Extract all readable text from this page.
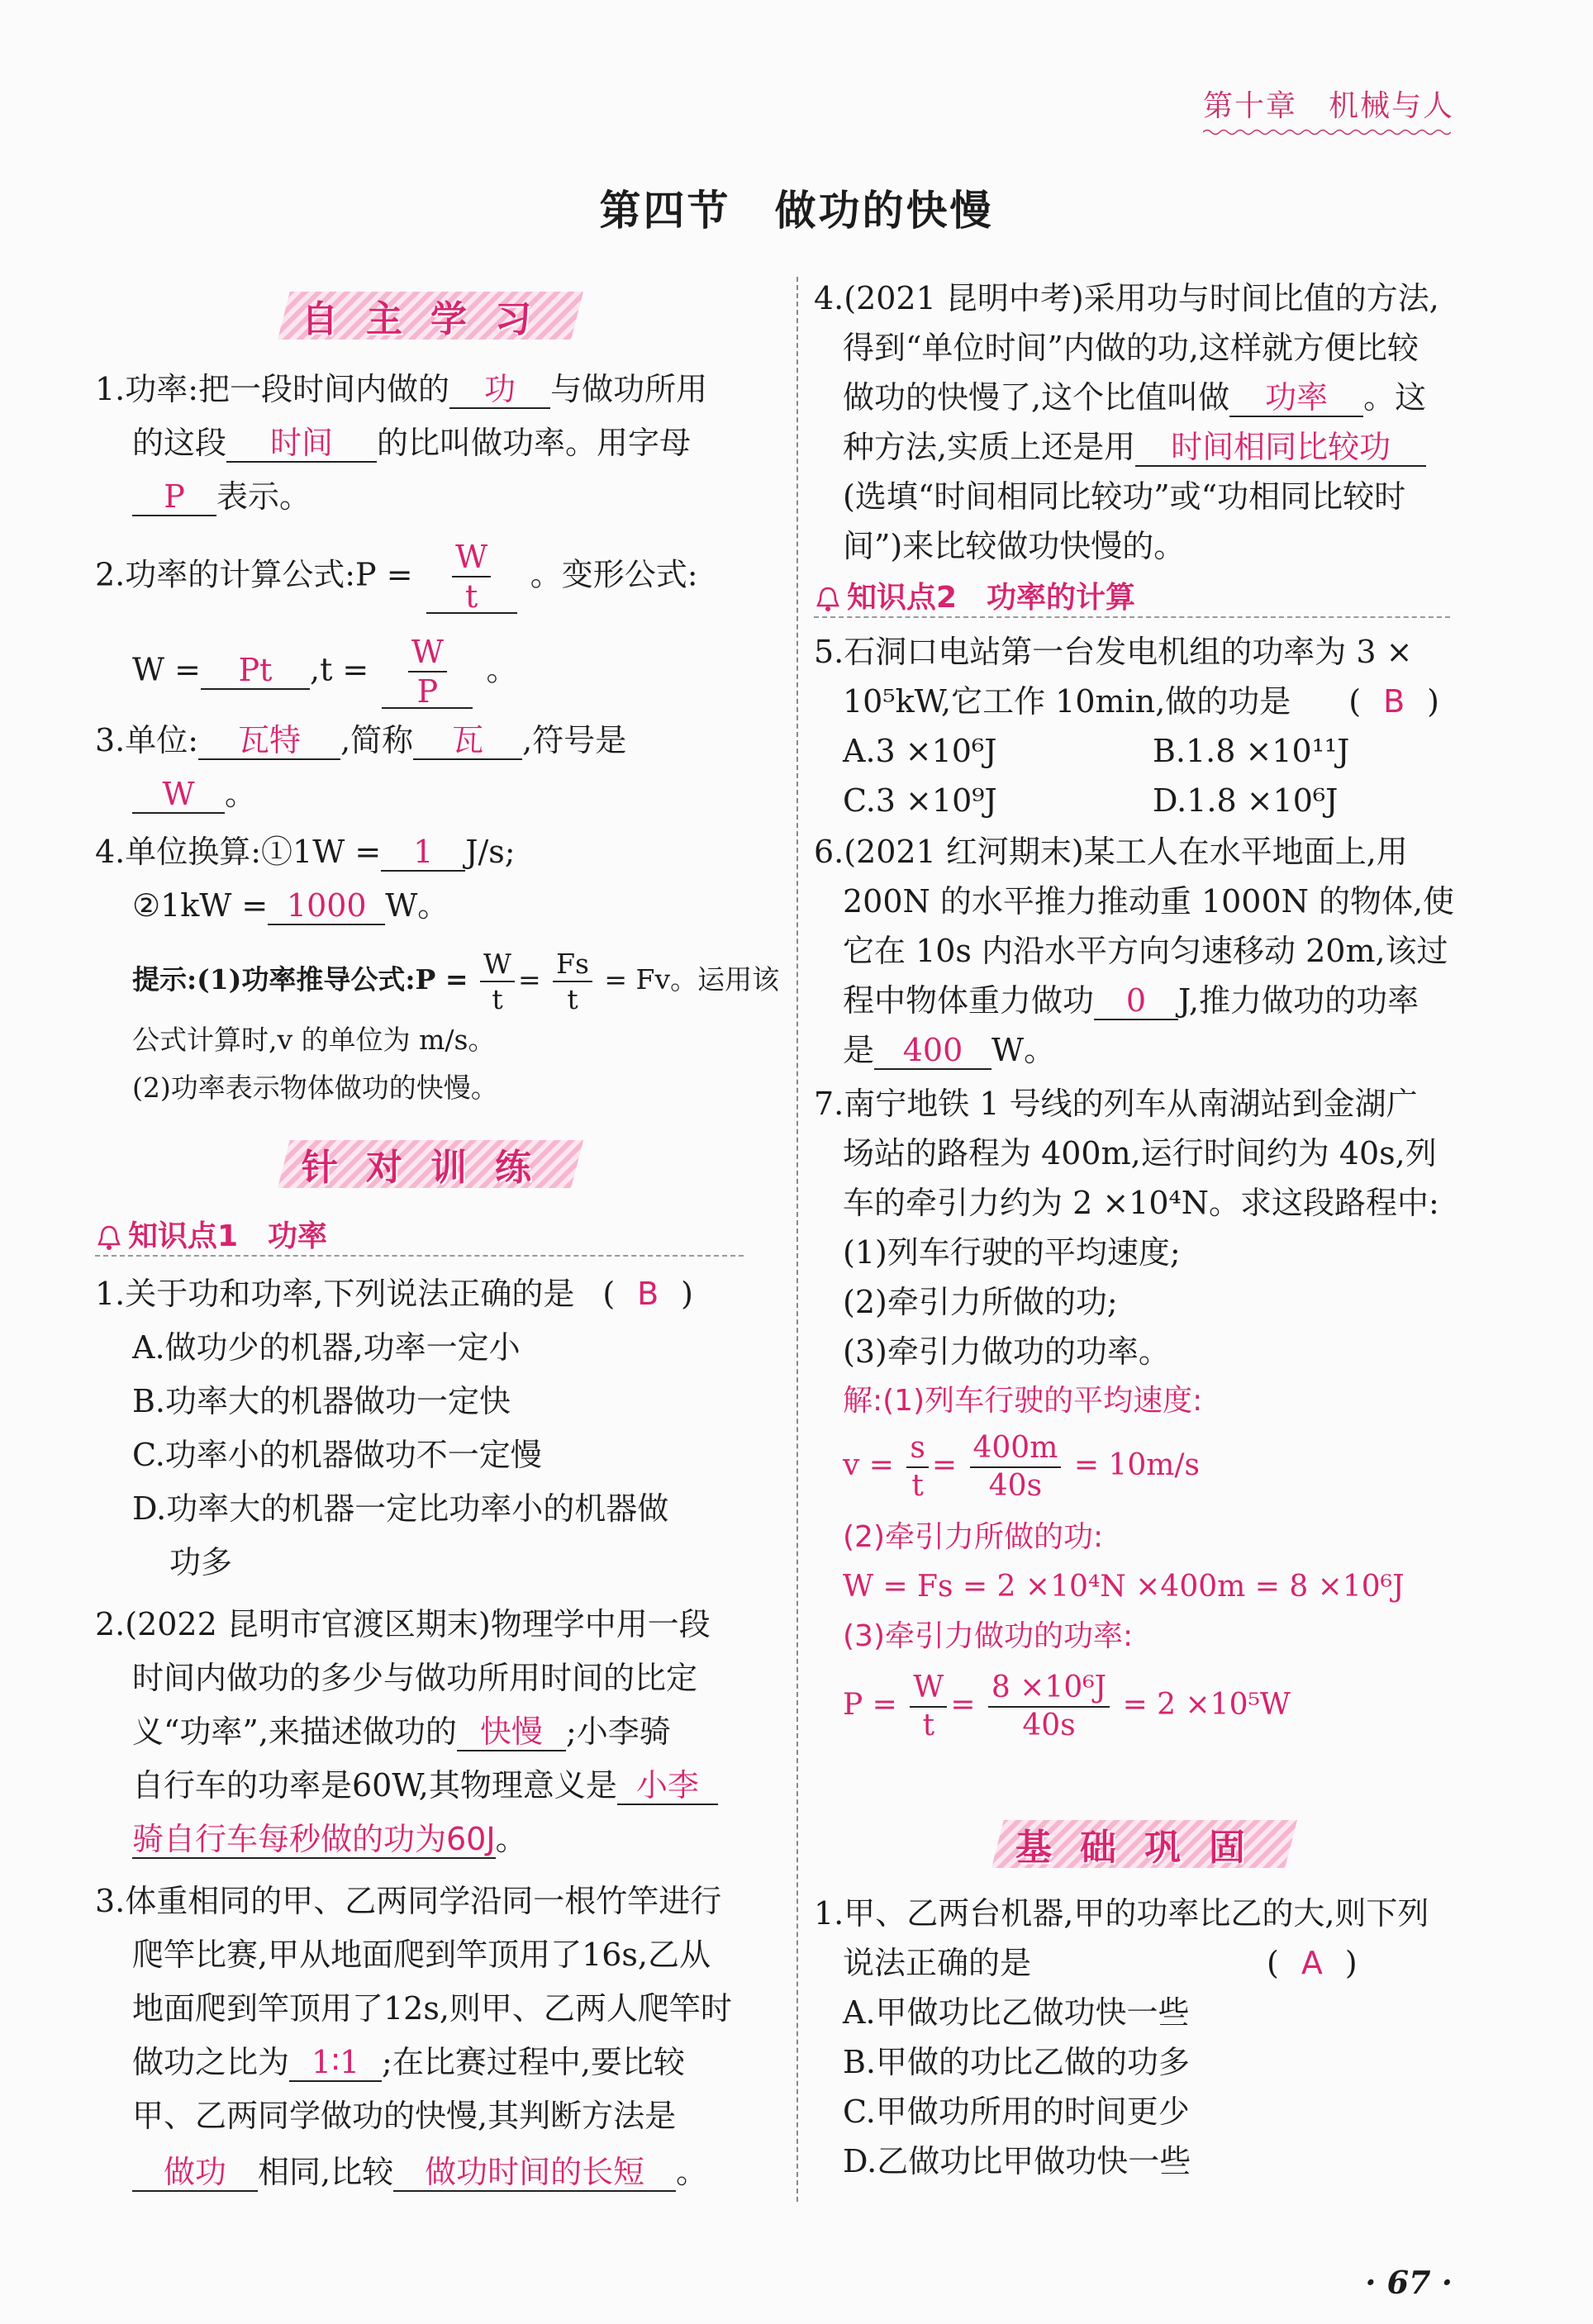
第十章　机械与人
第四节　做功的快慢
自主学习
1.功率:把一段时间内做的 功 与做功所用
的这段 时间 的比叫做功率。用字母
P 表示。
2.功率的计算公式:P = $\frac{W}{t}$ 。变形公式:
W = Pt $,t = \frac{W}{P}$ 。
3.单位: 瓦特 ,简称 瓦 ,符号是
W 。
4.单位换算:①1W = 1 J/s;
②1kW = 1000 W。
提示:(1)功率推导公式:P = $\frac{W}{t} = \frac{Fs}{t} = Fv$。运用该
公式计算时,v 的单位为 m/s。
(2)功率表示物体做功的快慢。
针对训练
知识点1　功率
1.关于功和功率,下列说法正确的是 ( B )
A.做功少的机器,功率一定小
B.功率大的机器做功一定快
C.功率小的机器做功不一定慢
D.功率大的机器一定比功率小的机器做
功多
2.(2022 昆明市官渡区期末)物理学中用一段
时间内做功的多少与做功所用时间的比定
义“功率”,来描述做功的 快慢 ;小李骑
自行车的功率是60W,其物理意义是 小李
骑自行车每秒做的功为60J。
3.体重相同的甲、乙两同学沿同一根竹竿进行
爬竿比赛,甲从地面爬到竿顶用了16s,乙从
地面爬到竿顶用了12s,则甲、乙两人爬竿时
做功之比为 1∶1 ;在比赛过程中,要比较
甲、乙两同学做功的快慢,其判断方法是
做功 相同,比较 做功时间的长短 。
4.(2021 昆明中考)采用功与时间比值的方法,
得到“单位时间”内做的功,这样就方便比较
做功的快慢了,这个比值叫做 功率 。这
种方法,实质上还是用 时间相同比较功
(选填“时间相同比较功”或“功相同比较时
间”)来比较做功快慢的。
知识点2　功率的计算
5.石洞口电站第一台发电机组的功率为 3 ×
10⁵kW,它工作 10min,做的功是 ( B )
A.3 ×10⁶J	B.1.8 ×10¹¹J
C.3 ×10⁹J	D.1.8 ×10⁶J
6.(2021 红河期末)某工人在水平地面上,用
200N 的水平推力推动重 1000N 的物体,使
它在 10s 内沿水平方向匀速移动 20m,该过
程中物体重力做功 0 J,推力做功的功率
是 400 W。
7.南宁地铁 1 号线的列车从南湖站到金湖广
场站的路程为 400m,运行时间约为 40s,列
车的牵引力约为 2 ×10⁴N。求这段路程中:
(1)列车行驶的平均速度;
(2)牵引力所做的功;
(3)牵引力做功的功率。
解:(1)列车行驶的平均速度:
$v = \frac{s}{t} = \frac{400m}{40s} = 10m/s$
(2)牵引力所做的功:
W = Fs = 2 ×10⁴N ×400m = 8 ×10⁶J
(3)牵引力做功的功率:
$P = \frac{W}{t} = \frac{\text{8 ×10⁶J}}{40s} = 2 \times 10^5W$
基础巩固
1.甲、乙两台机器,甲的功率比乙的大,则下列
说法正确的是	( A )
A.甲做功比乙做功快一些
B.甲做的功比乙做的功多
C.甲做功所用的时间更少
D.乙做功比甲做功快一些
· 67 ·
